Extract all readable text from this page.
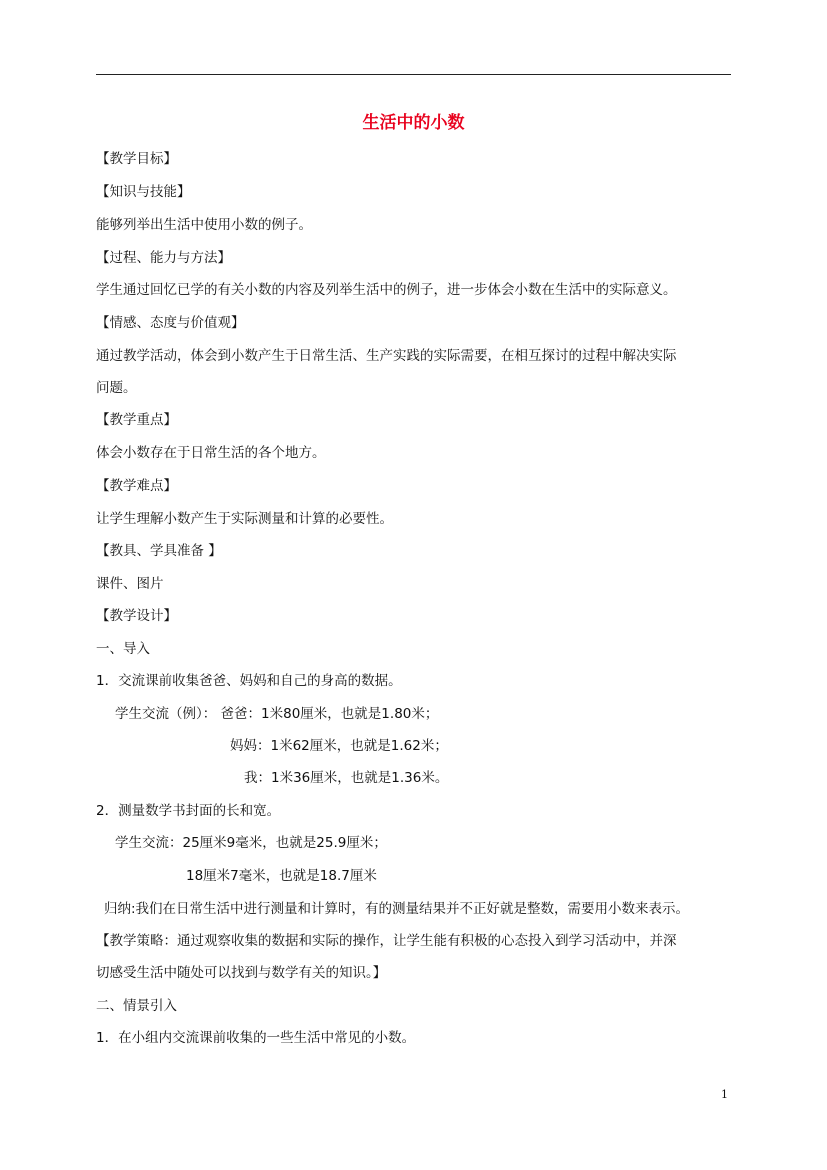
生活中的小数
【教学目标】
【知识与技能】
能够列举出生活中使用小数的例子。
【过程、能力与方法】
学生通过回忆已学的有关小数的内容及列举生活中的例子，进一步体会小数在生活中的实际意义。
【情感、态度与价值观】
通过教学活动，体会到小数产生于日常生活、生产实践的实际需要，在相互探讨的过程中解决实际
问题。
【教学重点】
体会小数存在于日常生活的各个地方。
【教学难点】
让学生理解小数产生于实际测量和计算的必要性。
【教具、学具准备 】
课件、图片
【教学设计】
一、导入
1．交流课前收集爸爸、妈妈和自己的身高的数据。
学生交流（例）： 爸爸：1米80厘米，也就是1.80米；
妈妈：1米62厘米，也就是1.62米；
我：1米36厘米，也就是1.36米。
2．测量数学书封面的长和宽。
学生交流：25厘米9毫米，也就是25.9厘米；
18厘米7毫米，也就是18.7厘米
归纳:我们在日常生活中进行测量和计算时，有的测量结果并不正好就是整数，需要用小数来表示。
【教学策略：通过观察收集的数据和实际的操作，让学生能有积极的心态投入到学习活动中，并深
切感受生活中随处可以找到与数学有关的知识。】
二、情景引入
1．在小组内交流课前收集的一些生活中常见的小数。
1
